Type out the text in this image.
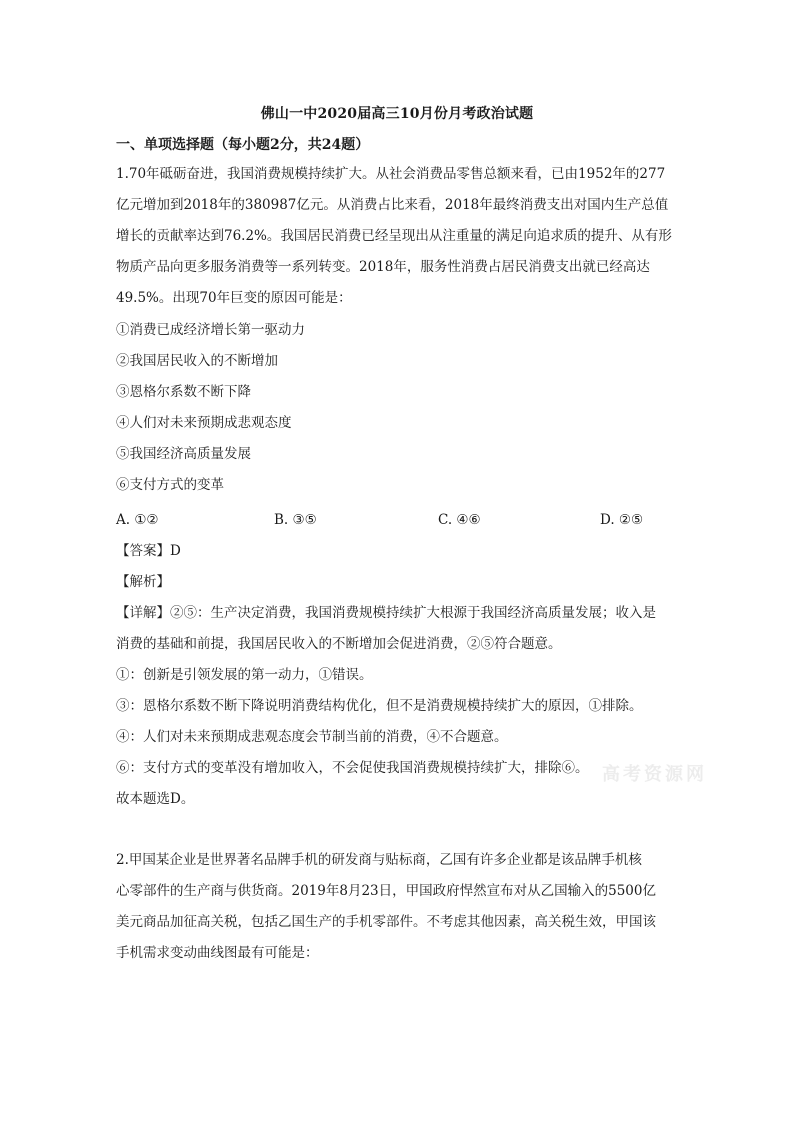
佛山一中2020届高三10月份月考政治试题
一、单项选择题（每小题2分，共24题）
1.70年砥砺奋进，我国消费规模持续扩大。从社会消费品零售总额来看，已由1952年的277
亿元增加到2018年的380987亿元。从消费占比来看，2018年最终消费支出对国内生产总值
增长的贡献率达到76.2%。我国居民消费已经呈现出从注重量的满足向追求质的提升、从有形
物质产品向更多服务消费等一系列转变。2018年，服务性消费占居民消费支出就已经高达
49.5%。出现70年巨变的原因可能是：
①消费已成经济增长第一驱动力
②我国居民收入的不断增加
③恩格尔系数不断下降
④人们对未来预期成悲观态度
⑤我国经济高质量发展
⑥支付方式的变革
A. ①②	B. ③⑤	C. ④⑥	D. ②⑤
【答案】D
【解析】
【详解】②⑤：生产决定消费，我国消费规模持续扩大根源于我国经济高质量发展；收入是
消费的基础和前提，我国居民收入的不断增加会促进消费，②⑤符合题意。
①：创新是引领发展的第一动力，①错误。
③：恩格尔系数不断下降说明消费结构优化，但不是消费规模持续扩大的原因，①排除。
④：人们对未来预期成悲观态度会节制当前的消费，④不合题意。
⑥：支付方式的变革没有增加收入，不会促使我国消费规模持续扩大，排除⑥。
故本题选D。
2.甲国某企业是世界著名品牌手机的研发商与贴标商，乙国有许多企业都是该品牌手机核
心零部件的生产商与供货商。2019年8月23日，甲国政府悍然宣布对从乙国输入的5500亿
美元商品加征高关税，包括乙国生产的手机零部件。不考虑其他因素，高关税生效，甲国该
手机需求变动曲线图最有可能是：
高考资源网
